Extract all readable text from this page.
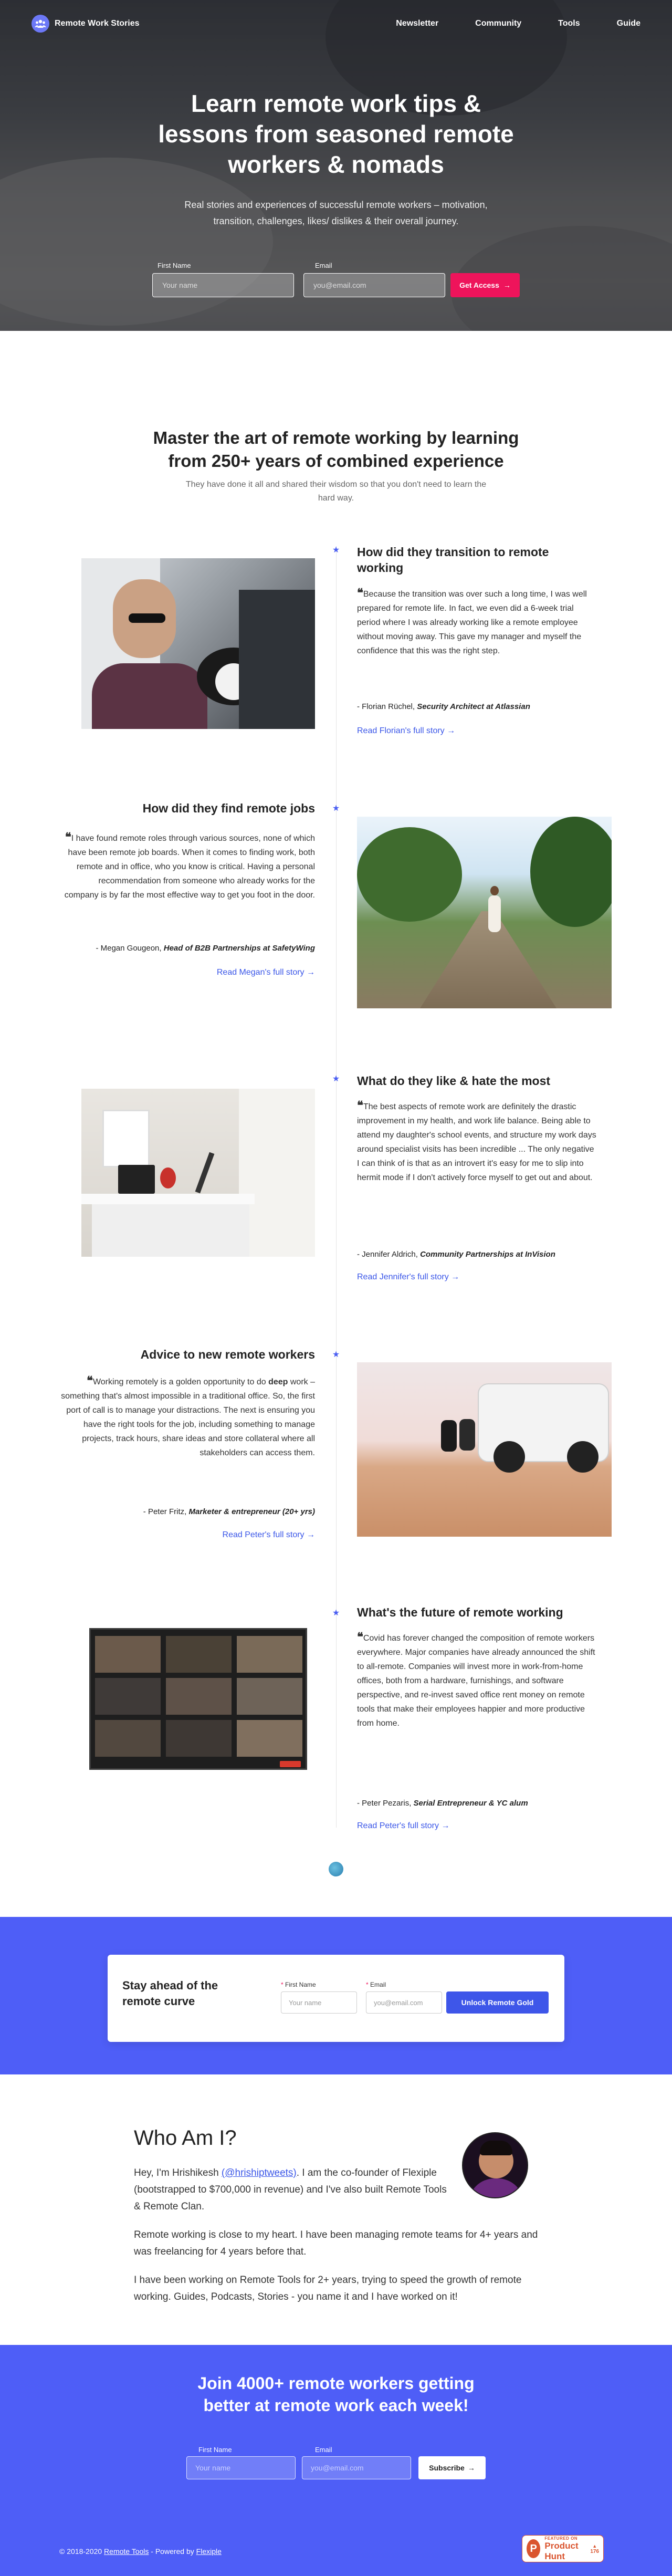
Remote Work Stories	Newsletter	Community	Tools	Guide
Learn remote work tips & lessons from seasoned remote workers & nomads

Real stories and experiences of successful remote workers – motivation, transition, challenges, likes/ dislikes & their overall journey.

First Name
Your name
Email
you@email.com	Get Access →
Master the art of remote working by learning from 250+ years of combined experience

They have done it all and shared their wisdom so that you don't need to learn the hard way.

★ How did they transition to remote working

❝Because the transition was over such a long time, I was well prepared for remote life. In fact, we even did a 6-week trial period where I was already working like a remote employee without moving away. This gave my manager and myself the confidence that this was the right step.

- Florian Rüchel, Security Architect at Atlassian
Read Florian's full story →
★
How did they find remote jobs

❝I have found remote roles through various sources, none of which have been remote job boards. When it comes to finding work, both remote and in office, who you know is critical. Having a personal recommendation from someone who already works for the company is by far the most effective way to get you foot in the door.

- Megan Gougeon, Head of B2B Partnerships at SafetyWing
Read Megan's full story →
★ What do they like & hate the most

❝The best aspects of remote work are definitely the drastic improvement in my health, and work life balance. Being able to attend my daughter's school events, and structure my work days around specialist visits has been incredible ... The only negative I can think of is that as an introvert it's easy for me to slip into hermit mode if I don't actively force myself to get out and about.

- Jennifer Aldrich, Community Partnerships at InVision
Read Jennifer's full story →
★
Advice to new remote workers

❝Working remotely is a golden opportunity to do deep work – something that's almost impossible in a traditional office. So, the first port of call is to manage your distractions. The next is ensuring you have the right tools for the job, including something to manage projects, track hours, share ideas and store collateral where all stakeholders can access them.

- Peter Fritz, Marketer & entrepreneur (20+ yrs)
Read Peter's full story →
★ What's the future of remote working

❝Covid has forever changed the composition of remote workers everywhere. Major companies have already announced the shift to all-remote. Companies will invest more in work-from-home offices, both from a hardware, furnishings, and software perspective, and re-invest saved office rent money on remote tools that make their employees happier and more productive from home.

- Peter Pezaris, Serial Entrepreneur & YC alum
Read Peter's full story →
Stay ahead of the remote curve
* First Name
Your name
* Email
you@email.com	Unlock Remote Gold
Who Am I?

Hey, I'm Hrishikesh (@hrishiptweets). I am the co-founder of Flexiple (bootstrapped to $700,000 in revenue) and I've also built Remote Tools & Remote Clan.

Remote working is close to my heart. I have been managing remote teams for 4+ years and was freelancing for 4 years before that.

I have been working on Remote Tools for 2+ years, trying to speed the growth of remote working. Guides, Podcasts, Stories - you name it and I have worked on it!

Join 4000+ remote workers getting better at remote work each week!
First Name
Your name
Email
you@email.com	Subscribe →
© 2018-2020 Remote Tools - Powered by Flexiple	P
FEATURED ON
Product Hunt
▲
176
